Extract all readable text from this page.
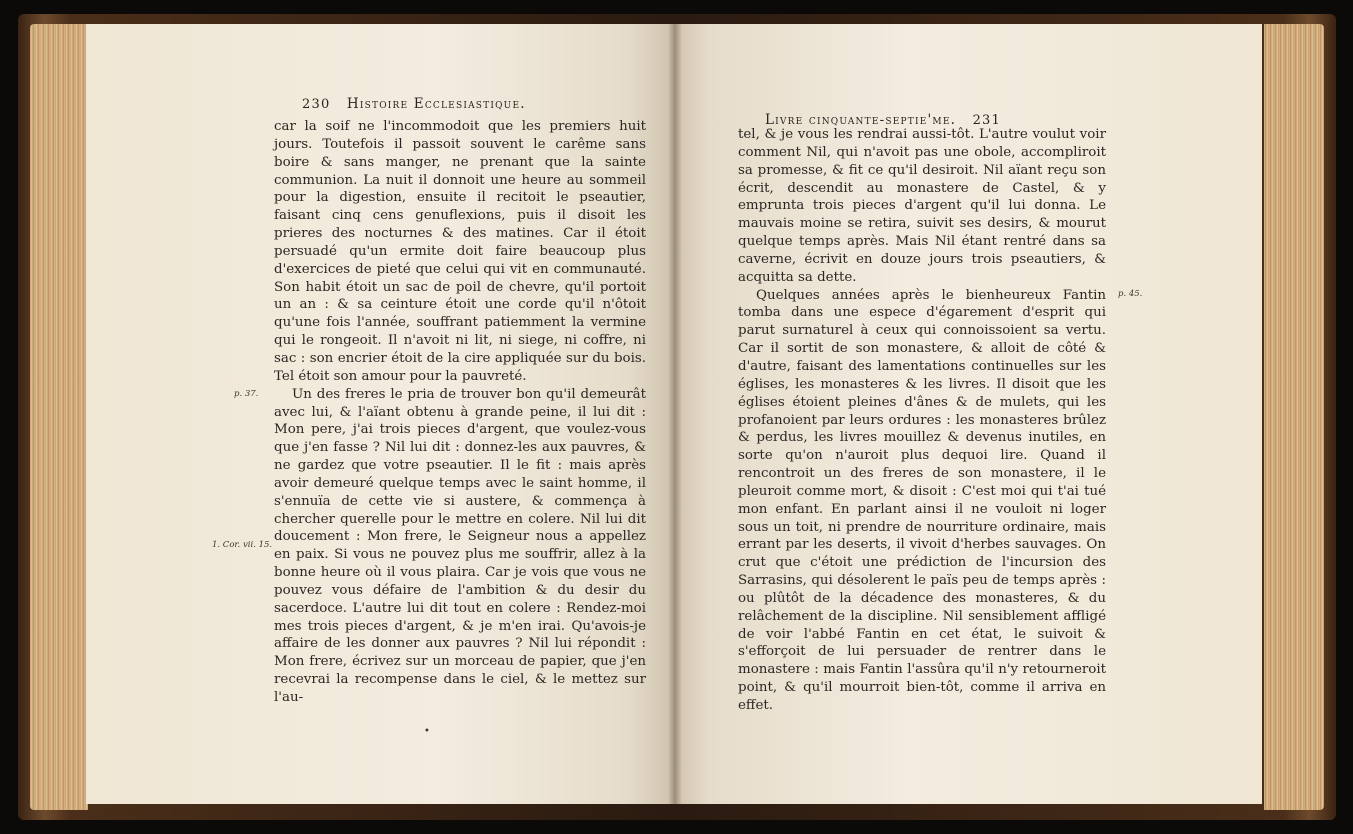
230 Histoire Ecclesiastique.

car la soif ne l'incommodoit que les premiers huit jours. Toutefois il passoit souvent le carême sans boire & sans manger, ne prenant que la sainte communion. La nuit il donnoit une heure au sommeil pour la digestion, ensuite il recitoit le pseautier, faisant cinq cens genuflexions, puis il disoit les prieres des nocturnes & des matines. Car il étoit persuadé qu'un ermite doit faire beaucoup plus d'exercices de pieté que celui qui vit en communauté. Son habit étoit un sac de poil de chevre, qu'il portoit un an : & sa ceinture étoit une corde qu'il n'ôtoit qu'une fois l'année, souffrant patiemment la vermine qui le rongeoit. Il n'avoit ni lit, ni siege, ni coffre, ni sac : son encrier étoit de la cire appliquée sur du bois. Tel étoit son amour pour la pauvreté.

Un des freres le pria de trouver bon qu'il demeurât avec lui, & l'aïant obtenu à grande peine, il lui dit : Mon pere, j'ai trois pieces d'argent, que voulez-vous que j'en fasse ? Nil lui dit : donnez-les aux pauvres, & ne gardez que votre pseautier. Il le fit : mais après avoir demeuré quelque temps avec le saint homme, il s'ennuïa de cette vie si austere, & commença à chercher querelle pour le mettre en colere. Nil lui dit doucement : Mon frere, le Seigneur nous a appellez en paix. Si vous ne pouvez plus me souffrir, allez à la bonne heure où il vous plaira. Car je vois que vous ne pouvez vous défaire de l'ambition & du desir du sacerdoce. L'autre lui dit tout en colere : Rendez-moi mes trois pieces d'argent, & je m'en irai. Qu'avois-je affaire de les donner aux pauvres ? Nil lui répondit : Mon frere, écrivez sur un morceau de papier, que j'en recevrai la recompense dans le ciel, & le mettez sur l'au-

p. 37.
1. Cor. vii. 15.
•
Livre cinquante-septie'me. 231

tel, & je vous les rendrai aussi-tôt. L'autre voulut voir comment Nil, qui n'avoit pas une obole, accompliroit sa promesse, & fit ce qu'il desiroit. Nil aïant reçu son écrit, descendit au monastere de Castel, & y emprunta trois pieces d'argent qu'il lui donna. Le mauvais moine se retira, suivit ses desirs, & mourut quelque temps après. Mais Nil étant rentré dans sa caverne, écrivit en douze jours trois pseautiers, & acquitta sa dette.

Quelques années après le bienheureux Fantin tomba dans une espece d'égarement d'esprit qui parut surnaturel à ceux qui connoissoient sa vertu. Car il sortit de son monastere, & alloit de côté & d'autre, faisant des lamentations continuelles sur les églises, les monasteres & les livres. Il disoit que les églises étoient pleines d'ânes & de mulets, qui les profanoient par leurs ordures : les monasteres brûlez & perdus, les livres mouillez & devenus inutiles, en sorte qu'on n'auroit plus dequoi lire. Quand il rencontroit un des freres de son monastere, il le pleuroit comme mort, & disoit : C'est moi qui t'ai tué mon enfant. En parlant ainsi il ne vouloit ni loger sous un toit, ni prendre de nourriture ordinaire, mais errant par les deserts, il vivoit d'herbes sauvages. On crut que c'étoit une prédiction de l'incursion des Sarrasins, qui désolerent le païs peu de temps après : ou plûtôt de la décadence des monasteres, & du relâchement de la discipline. Nil sensiblement affligé de voir l'abbé Fantin en cet état, le suivoit & s'efforçoit de lui persuader de rentrer dans le monastere : mais Fantin l'assûra qu'il n'y retourneroit point, & qu'il mourroit bien-tôt, comme il arriva en effet.

p. 45.
